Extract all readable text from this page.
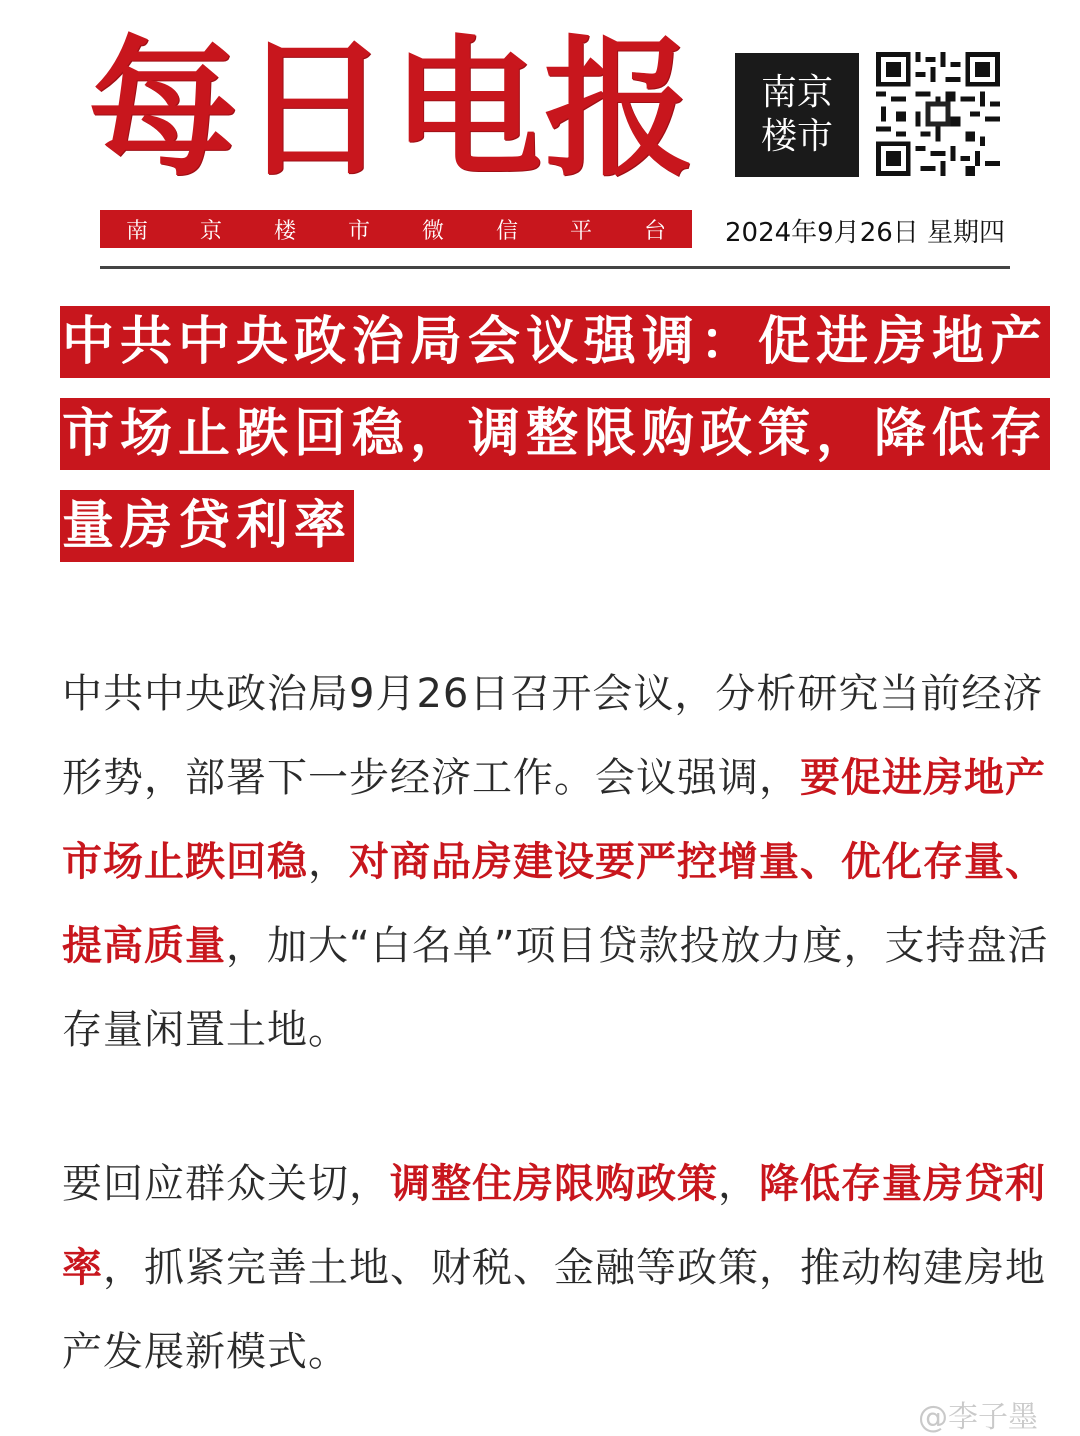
每日电报
南 京 楼 市 微 信 平 台
南京
楼市
2024年9月26日 星期四
中共中央政治局会议强调：促进房地产市场止跌回稳，调整限购政策，降低存量房贷利率
中共中央政治局9月26日召开会议，分析研究当前经济形势，部署下一步经济工作。会议强调，要促进房地产市场止跌回稳，对商品房建设要严控增量、优化存量、提高质量，加大“白名单”项目贷款投放力度，支持盘活存量闲置土地。
要回应群众关切，调整住房限购政策，降低存量房贷利率，抓紧完善土地、财税、金融等政策，推动构建房地产发展新模式。
@李子墨
